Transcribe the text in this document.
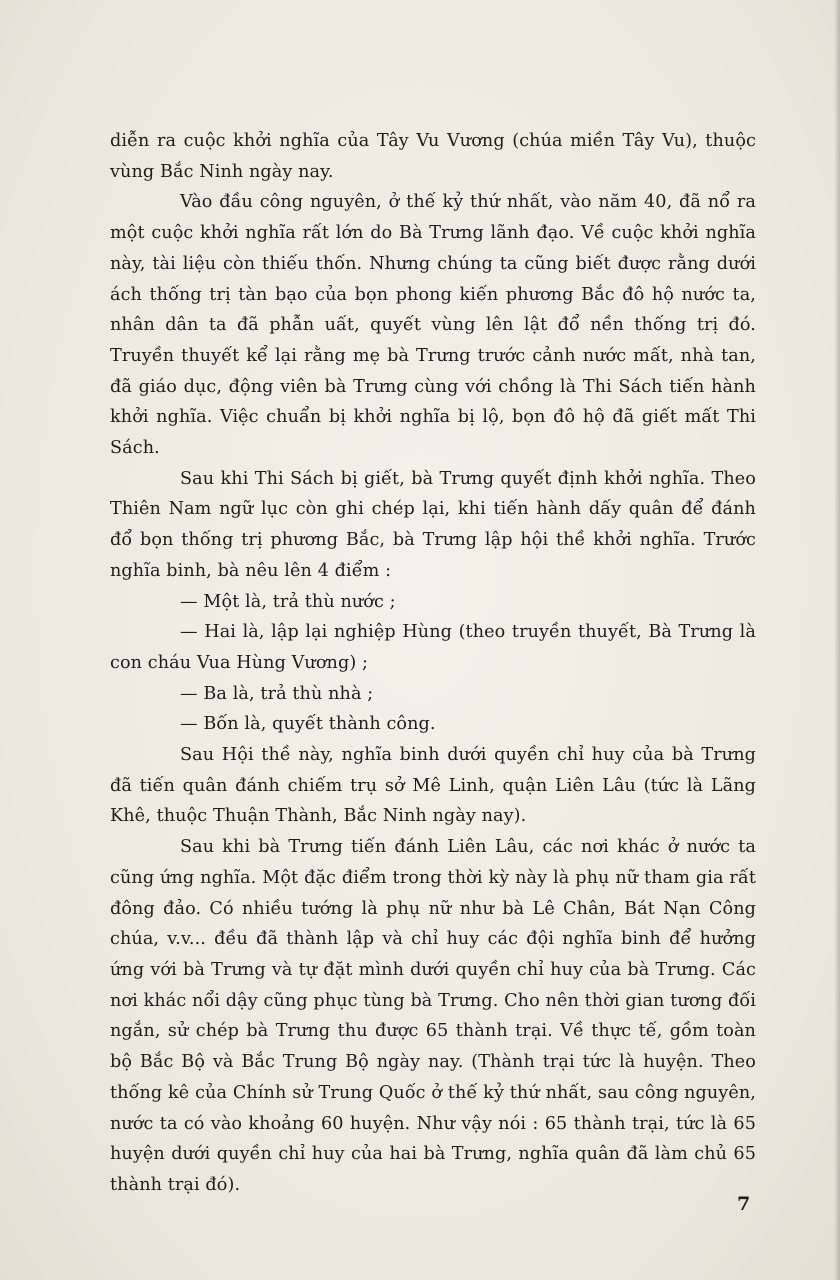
diễn ra cuộc khởi nghĩa của Tây Vu Vương (chúa miền Tây Vu), thuộc vùng Bắc Ninh ngày nay.

Vào đầu công nguyên, ở thế kỷ thứ nhất, vào năm 40, đã nổ ra một cuộc khởi nghĩa rất lớn do Bà Trưng lãnh đạo. Về cuộc khởi nghĩa này, tài liệu còn thiếu thốn. Nhưng chúng ta cũng biết được rằng dưới ách thống trị tàn bạo của bọn phong kiến phương Bắc đô hộ nước ta, nhân dân ta đã phẫn uất, quyết vùng lên lật đổ nền thống trị đó. Truyền thuyết kể lại rằng mẹ bà Trưng trước cảnh nước mất, nhà tan, đã giáo dục, động viên bà Trưng cùng với chồng là Thi Sách tiến hành khởi nghĩa. Việc chuẩn bị khởi nghĩa bị lộ, bọn đô hộ đã giết mất Thi Sách.

Sau khi Thi Sách bị giết, bà Trưng quyết định khởi nghĩa. Theo Thiên Nam ngữ lục còn ghi chép lại, khi tiến hành dấy quân để đánh đổ bọn thống trị phương Bắc, bà Trưng lập hội thề khởi nghĩa. Trước nghĩa binh, bà nêu lên 4 điểm :

— Một là, trả thù nước ;

— Hai là, lập lại nghiệp Hùng (theo truyền thuyết, Bà Trưng là con cháu Vua Hùng Vương) ;

— Ba là, trả thù nhà ;

— Bốn là, quyết thành công.

Sau Hội thề này, nghĩa binh dưới quyền chỉ huy của bà Trưng đã tiến quân đánh chiếm trụ sở Mê Linh, quận Liên Lâu (tức là Lãng Khê, thuộc Thuận Thành, Bắc Ninh ngày nay).

Sau khi bà Trưng tiến đánh Liên Lâu, các nơi khác ở nước ta cũng ứng nghĩa. Một đặc điểm trong thời kỳ này là phụ nữ tham gia rất đông đảo. Có nhiều tướng là phụ nữ như bà Lê Chân, Bát Nạn Công chúa, v.v... đều đã thành lập và chỉ huy các đội nghĩa binh để hưởng ứng với bà Trưng và tự đặt mình dưới quyền chỉ huy của bà Trưng. Các nơi khác nổi dậy cũng phục tùng bà Trưng. Cho nên thời gian tương đối ngắn, sử chép bà Trưng thu được 65 thành trại. Về thực tế, gồm toàn bộ Bắc Bộ và Bắc Trung Bộ ngày nay. (Thành trại tức là huyện. Theo thống kê của Chính sử Trung Quốc ở thế kỷ thứ nhất, sau công nguyên, nước ta có vào khoảng 60 huyện. Như vậy nói : 65 thành trại, tức là 65 huyện dưới quyền chỉ huy của hai bà Trưng, nghĩa quân đã làm chủ 65 thành trại đó).

7
